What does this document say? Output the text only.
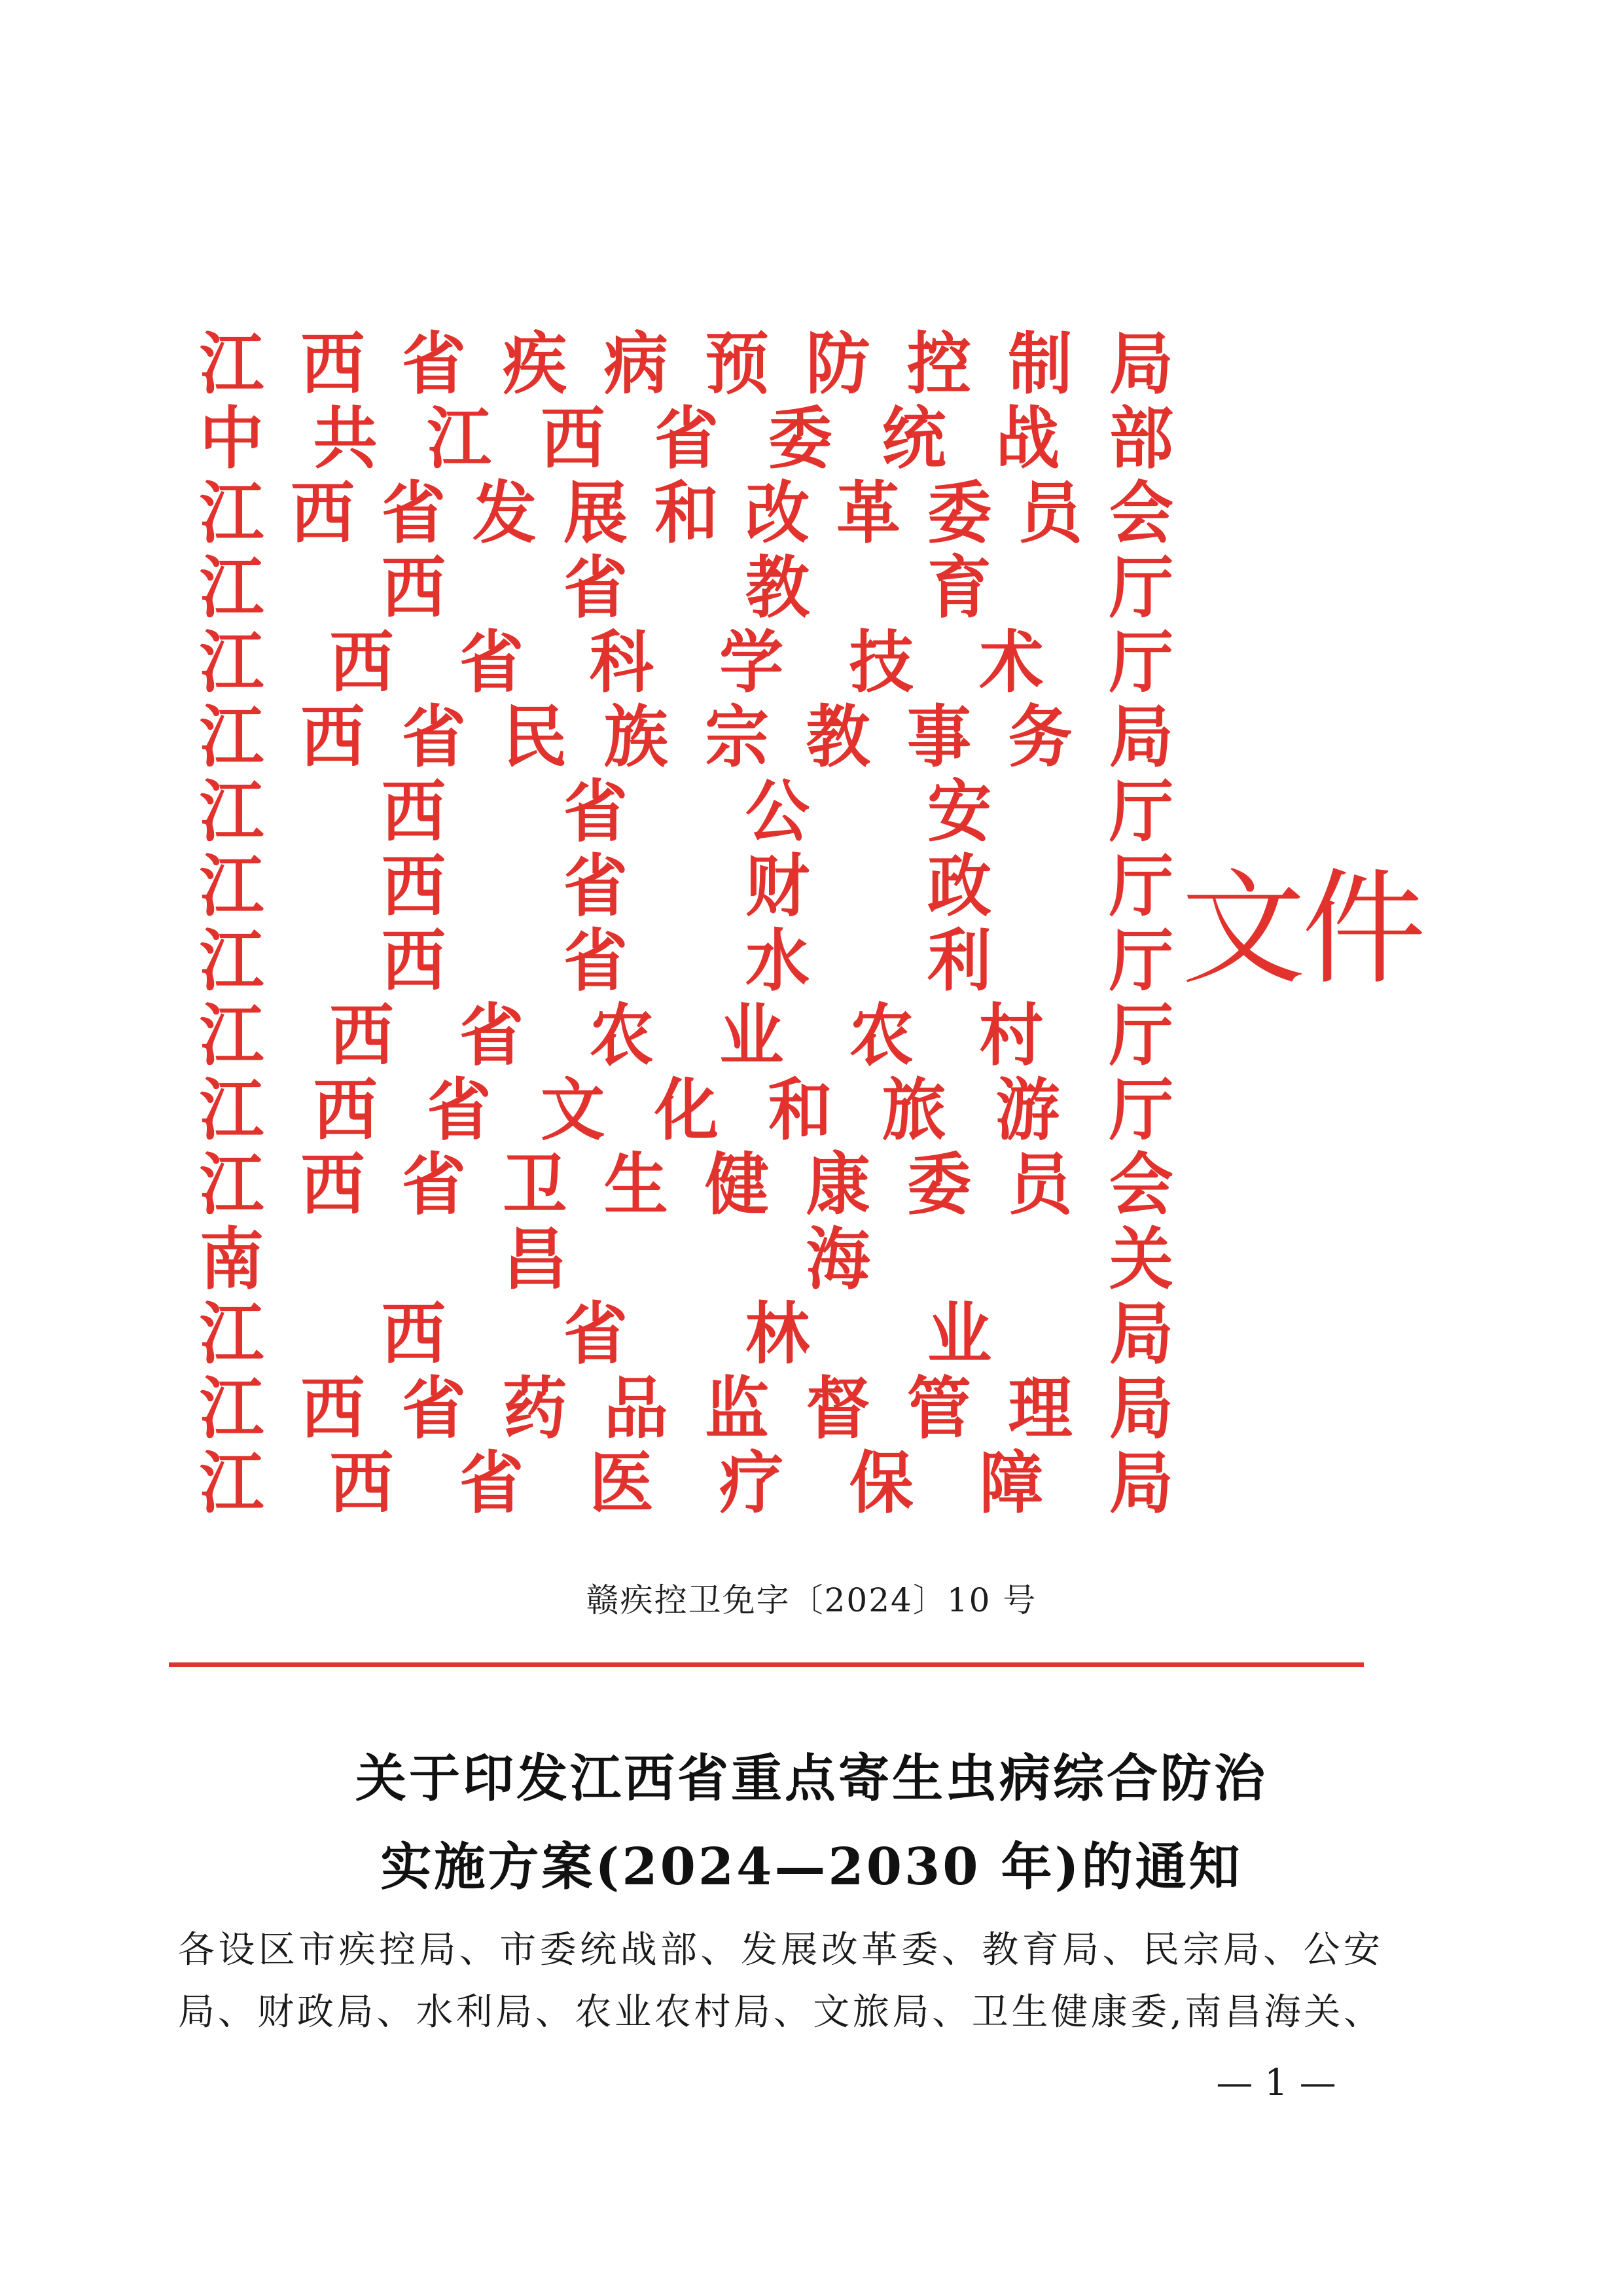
江 西 省 疾 病 预 防 控 制 局
中 共 江 西 省 委 统 战 部
江 西 省 发 展 和 改 革 委 员 会
江 西 省 教 育 厅
江 西 省 科 学 技 术 厅
江 西 省 民 族 宗 教 事 务 局
江 西 省 公 安 厅
江 西 省 财 政 厅
江 西 省 水 利 厅
江 西 省 农 业 农 村 厅
江 西 省 文 化 和 旅 游 厅
江 西 省 卫 生 健 康 委 员 会
南	昌	海	关
江 西 省 林 业 局
江 西 省 药 品 监 督 管 理 局
江 西 省 医 疗 保 障 局
文件
赣疾控卫免字〔2024〕10 号
关于印发江西省重点寄生虫病综合防治
实施方案(2024—2030 年)的通知
各设区市疾控局、市委统战部、发展改革委、教育局、民宗局、公安
局、财政局、水利局、农业农村局、文旅局、卫生健康委,南昌海关、
— 1 —
